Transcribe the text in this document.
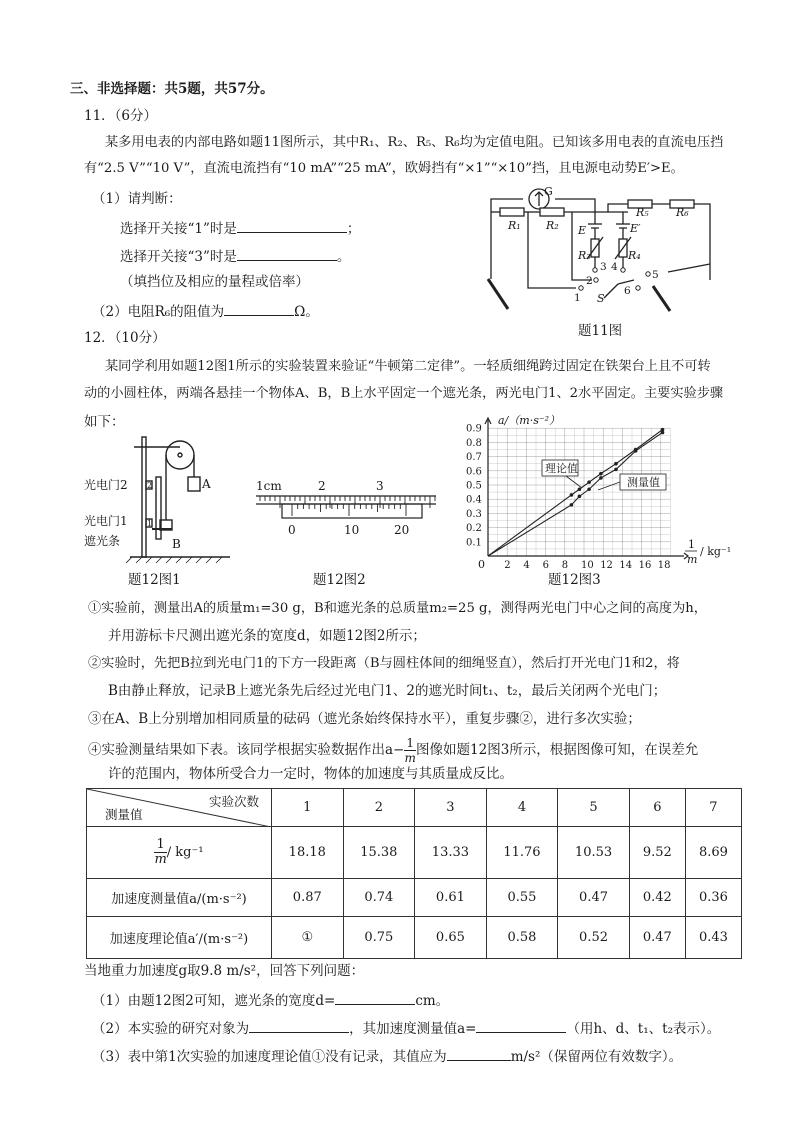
三、非选择题：共5题，共57分。
11．（6分）
某多用电表的内部电路如题11图所示，其中R₁、R₂、R₅、R₆均为定值电阻。已知该多用电表的直流电压挡
有“2.5 V”“10 V”，直流电流挡有“10 mA”“25 mA”，欧姆挡有“×1”“×10”挡，且电源电动势E′>E。
（1）请判断：
选择开关接“1”时是	；
选择开关接“3”时是	。
（填挡位及相应的量程或倍率）
（2）电阻R₆的阻值为	Ω。
G
R₁ R₂ E	E′
R₃	R₄
R₅ R₆
S
3 4
2
1
5
6
题11图
12．（10分）
某同学利用如题12图1所示的实验装置来验证“牛顿第二定律”。一轻质细绳跨过固定在铁架台上且不可转
动的小圆柱体，两端各悬挂一个物体A、B，B上水平固定一个遮光条，两光电门1、2水平固定。主要实验步骤
如下：
光电门2
光电门1
遮光条
A
B
2
1
题12图1
1cm	2	3
0	10	20
题12图2
2 4 6 8 10 12 14 16 18
0.1
0.2
0.3
0.4
0.5
0.6
0.7
0.8
0.9
a/（m·s⁻²）
0
1
m
/ kg⁻¹
理论值
测量值
题12图3
①实验前，测量出A的质量m₁=30 g，B和遮光条的总质量m₂=25 g，测得两光电门中心之间的高度为h，
并用游标卡尺测出遮光条的宽度d，如题12图2所示；
②实验时，先把B拉到光电门1的下方一段距离（B与圆柱体间的细绳竖直），然后打开光电门1和2，将
B由静止释放，记录B上遮光条先后经过光电门1、2的遮光时间t₁、t₂，最后关闭两个光电门；
③在A、B上分别增加相同质量的砝码（遮光条始终保持水平），重复步骤②，进行多次实验；
④实验测量结果如下表。该同学根据实验数据作出$a- \frac{1}{m}$ 图像如题12图3所示，根据图像可知，在误差允
许的范围内，物体所受合力一定时，物体的加速度与其质量成反比。
实验次数
测量值	1	2	3	4	5	6	7

$\frac{1}{m} / kg^{-1}$	18.18	15.38	13.33	11.76	10.53	9.52	8.69
加速度测量值a/(m·s⁻²)	0.87	0.74	0.61	0.55	0.47	0.42	0.36
加速度理论值a′/(m·s⁻²)	①	0.75	0.65	0.58	0.52	0.47	0.43
当地重力加速度g取9.8 m/s²，回答下列问题：
（1）由题12图2可知，遮光条的宽度d=	cm。
（2）本实验的研究对象为	，其加速度测量值a=	（用h、d、t₁、t₂表示）。
（3）表中第1次实验的加速度理论值①没有记录，其值应为	m/s²（保留两位有效数字）。
